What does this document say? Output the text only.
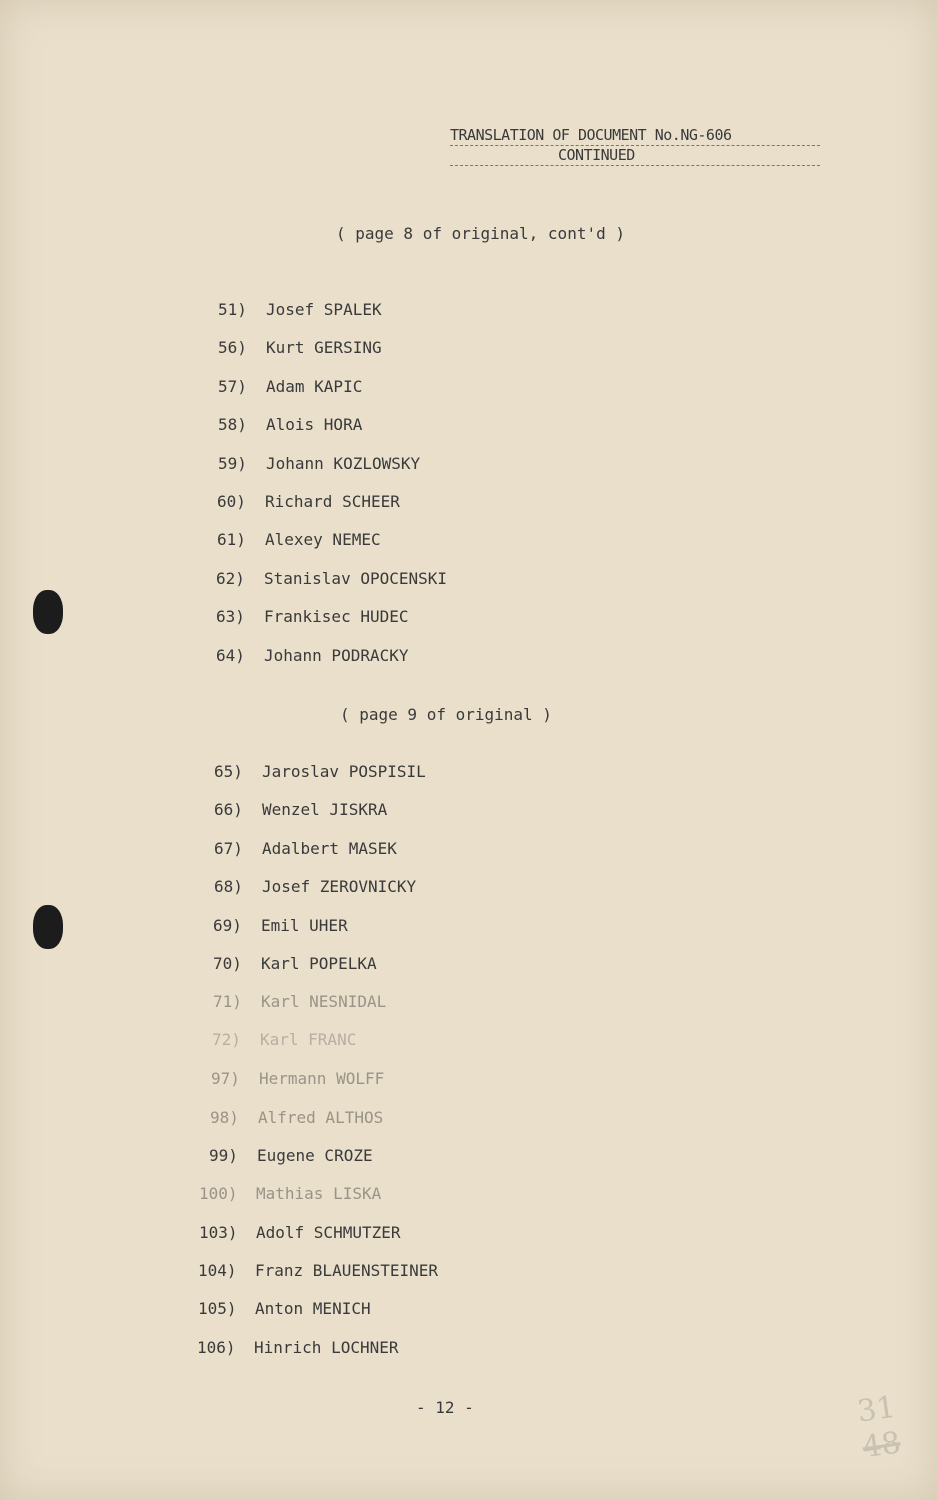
TRANSLATION OF DOCUMENT No.NG-606
CONTINUED
( page 8 of original, cont'd )
51) Josef SPALEK
56) Kurt GERSING
57) Adam KAPIC
58) Alois HORA
59) Johann KOZLOWSKY
60) Richard SCHEER
61) Alexey NEMEC
62) Stanislav OPOCENSKI
63) Frankisec HUDEC
64) Johann PODRACKY
( page 9 of original )
65) Jaroslav POSPISIL
66) Wenzel JISKRA
67) Adalbert MASEK
68) Josef ZEROVNICKY
69) Emil UHER
70) Karl POPELKA
71) Karl NESNIDAL
72) Karl FRANC
97) Hermann WOLFF
98) Alfred ALTHOS
99) Eugene CROZE
100) Mathias LISKA
103) Adolf SCHMUTZER
104) Franz BLAUENSTEINER
105) Anton MENICH
106) Hinrich LOCHNER
- 12 -	31
48
